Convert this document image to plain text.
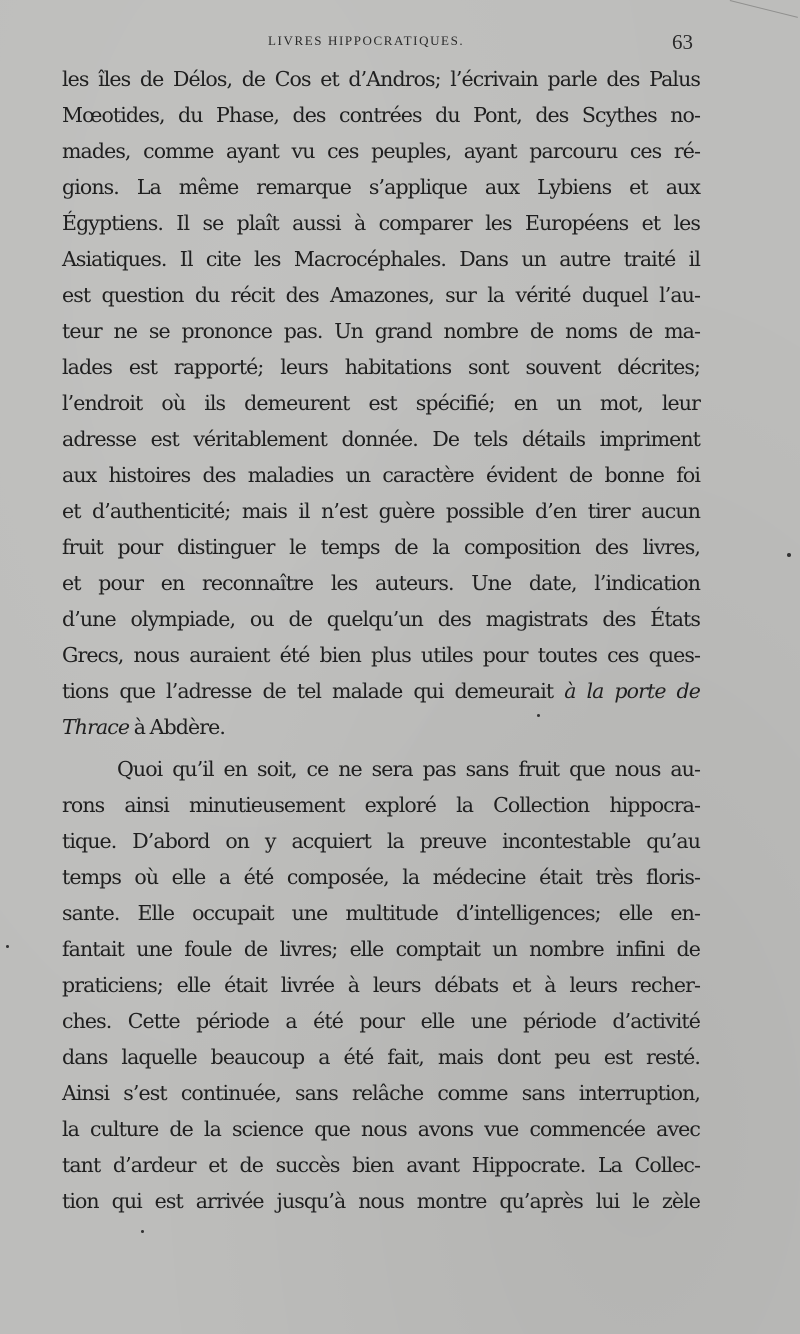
LIVRES HIPPOCRATIQUES.	63
les îles de Délos, de Cos et d’Andros; l’écrivain parle des Palus
Mœotides, du Phase, des contrées du Pont, des Scythes no-
mades, comme ayant vu ces peuples, ayant parcouru ces ré-
gions. La même remarque s’applique aux Lybiens et aux
Égyptiens. Il se plaît aussi à comparer les Européens et les
Asiatiques. Il cite les Macrocéphales. Dans un autre traité il
est question du récit des Amazones, sur la vérité duquel l’au-
teur ne se prononce pas. Un grand nombre de noms de ma-
lades est rapporté; leurs habitations sont souvent décrites;
l’endroit où ils demeurent est spécifié; en un mot, leur
adresse est véritablement donnée. De tels détails impriment
aux histoires des maladies un caractère évident de bonne foi
et d’authenticité; mais il n’est guère possible d’en tirer aucun
fruit pour distinguer le temps de la composition des livres,
et pour en reconnaître les auteurs. Une date, l’indication
d’une olympiade, ou de quelqu’un des magistrats des États
Grecs, nous auraient été bien plus utiles pour toutes ces ques-
tions que l’adresse de tel malade qui demeurait à la porte de
Thrace à Abdère.
Quoi qu’il en soit, ce ne sera pas sans fruit que nous au-
rons ainsi minutieusement exploré la Collection hippocra-
tique. D’abord on y acquiert la preuve incontestable qu’au
temps où elle a été composée, la médecine était très floris-
sante. Elle occupait une multitude d’intelligences; elle en-
fantait une foule de livres; elle comptait un nombre infini de
praticiens; elle était livrée à leurs débats et à leurs recher-
ches. Cette période a été pour elle une période d’activité
dans laquelle beaucoup a été fait, mais dont peu est resté.
Ainsi s’est continuée, sans relâche comme sans interruption,
la culture de la science que nous avons vue commencée avec
tant d’ardeur et de succès bien avant Hippocrate. La Collec-
tion qui est arrivée jusqu’à nous montre qu’après lui le zèle
